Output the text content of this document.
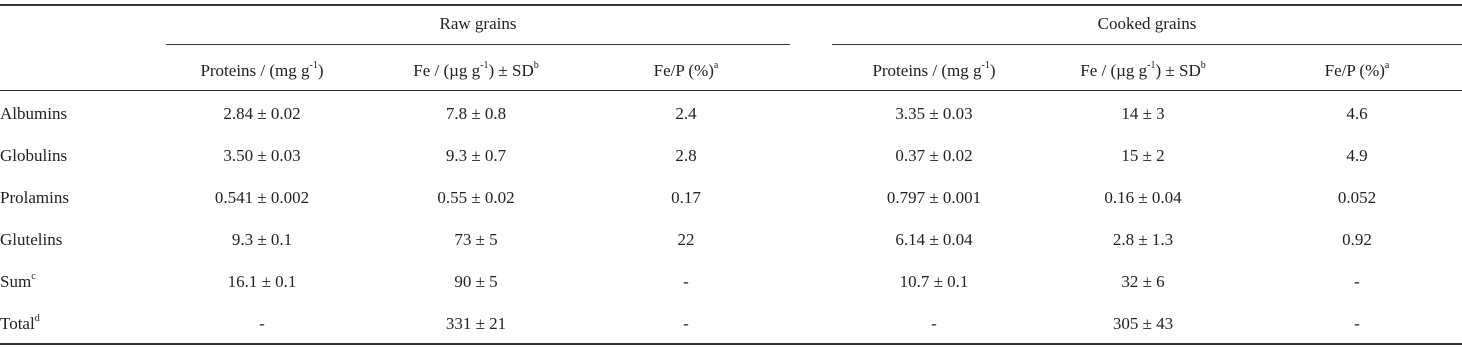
Raw grains	Cooked grains
Proteins / (mg $g^{-1}$)	Fe / (µg $g^{-1}) \pm SD^b$	Fe/P (%)$^a$	Proteins / (mg $g^{-1}$)	Fe / (µg $g^{-1}) \pm SD^b$	Fe/P (%)$^a$
Albumins	2.84 ± 0.02	7.8 ± 0.8	2.4	3.35 ± 0.03	14 ± 3	4.6
Globulins	3.50 ± 0.03	9.3 ± 0.7	2.8	0.37 ± 0.02	15 ± 2	4.9
Prolamins	0.541 ± 0.002	0.55 ± 0.02	0.17	0.797 ± 0.001	0.16 ± 0.04	0.052
Glutelins	9.3 ± 0.1	73 ± 5	22	6.14 ± 0.04	2.8 ± 1.3	0.92
Sum$^c$	16.1 ± 0.1	90 ± 5	-	10.7 ± 0.1	32 ± 6	-
Total$^d$	-	331 ± 21	-	-	305 ± 43	-
